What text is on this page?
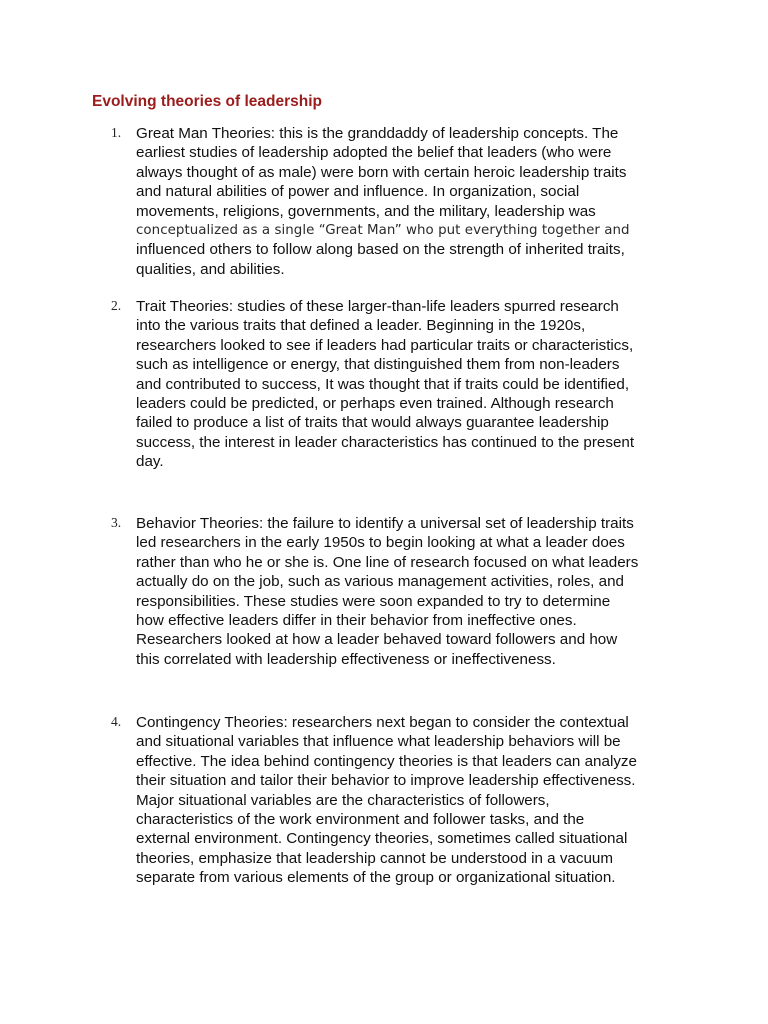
Evolving theories of leadership
1. Great Man Theories: this is the granddaddy of leadership concepts. The
earliest studies of leadership adopted the belief that leaders (who were
always thought of as male) were born with certain heroic leadership traits
and natural abilities of power and influence. In organization, social
movements, religions, governments, and the military, leadership was
conceptualized as a single “Great Man” who put everything together and
influenced others to follow along based on the strength of inherited traits,
qualities, and abilities.
2. Trait Theories: studies of these larger-than-life leaders spurred research
into the various traits that defined a leader. Beginning in the 1920s,
researchers looked to see if leaders had particular traits or characteristics,
such as intelligence or energy, that distinguished them from non-leaders
and contributed to success, It was thought that if traits could be identified,
leaders could be predicted, or perhaps even trained. Although research
failed to produce a list of traits that would always guarantee leadership
success, the interest in leader characteristics has continued to the present
day.
3. Behavior Theories: the failure to identify a universal set of leadership traits
led researchers in the early 1950s to begin looking at what a leader does
rather than who he or she is. One line of research focused on what leaders
actually do on the job, such as various management activities, roles, and
responsibilities. These studies were soon expanded to try to determine
how effective leaders differ in their behavior from ineffective ones.
Researchers looked at how a leader behaved toward followers and how
this correlated with leadership effectiveness or ineffectiveness.
4. Contingency Theories: researchers next began to consider the contextual
and situational variables that influence what leadership behaviors will be
effective. The idea behind contingency theories is that leaders can analyze
their situation and tailor their behavior to improve leadership effectiveness.
Major situational variables are the characteristics of followers,
characteristics of the work environment and follower tasks, and the
external environment. Contingency theories, sometimes called situational
theories, emphasize that leadership cannot be understood in a vacuum
separate from various elements of the group or organizational situation.
